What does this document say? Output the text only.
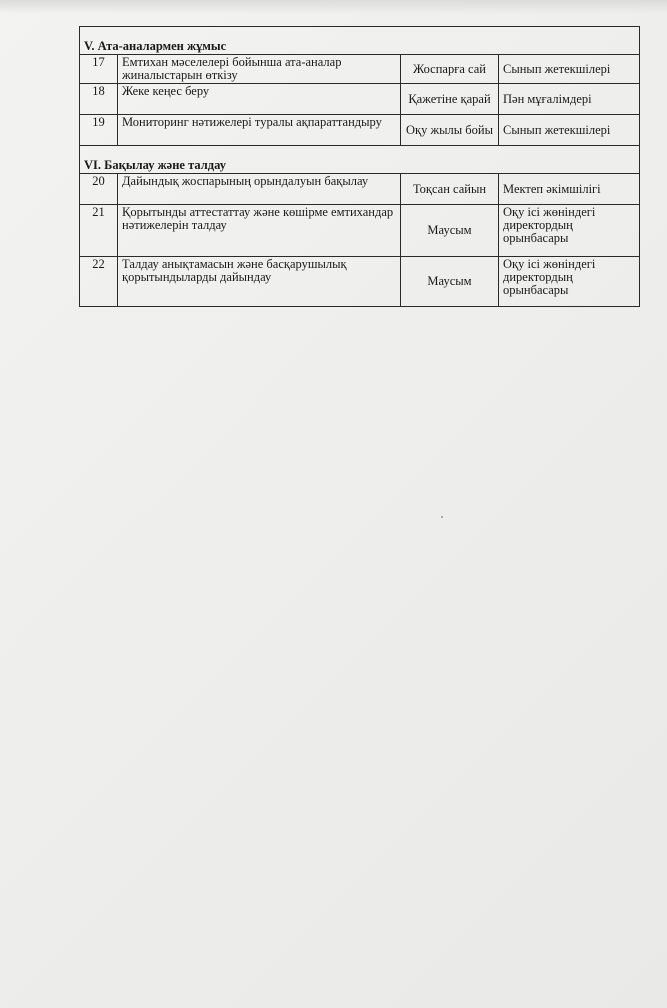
V. Ата-аналармен жұмыс			
17	Емтихан мәселелері бойынша ата-аналар жиналыстарын өткізу	Жоспарға сай	Сынып жетекшілері
18	Жеке кеңес беру	Қажетіне қарай	Пән мұғалімдері
19	Мониторинг нәтижелері туралы ақпараттандыру	Оқу жылы бойы	Сынып жетекшілері

VI. Бақылау және талдау			
20	Дайындық жоспарының орындалуын бақылау	Тоқсан сайын	Мектеп әкімшілігі
21	Қорытынды аттестаттау және көшірме емтихандар нәтижелерін талдау	Маусым	Оқу ісі жөніндегі директордың орынбасары
22	Талдау анықтамасын және басқарушылық қорытындыларды дайындау	Маусым	Оқу ісі жөніндегі директордың орынбасары
